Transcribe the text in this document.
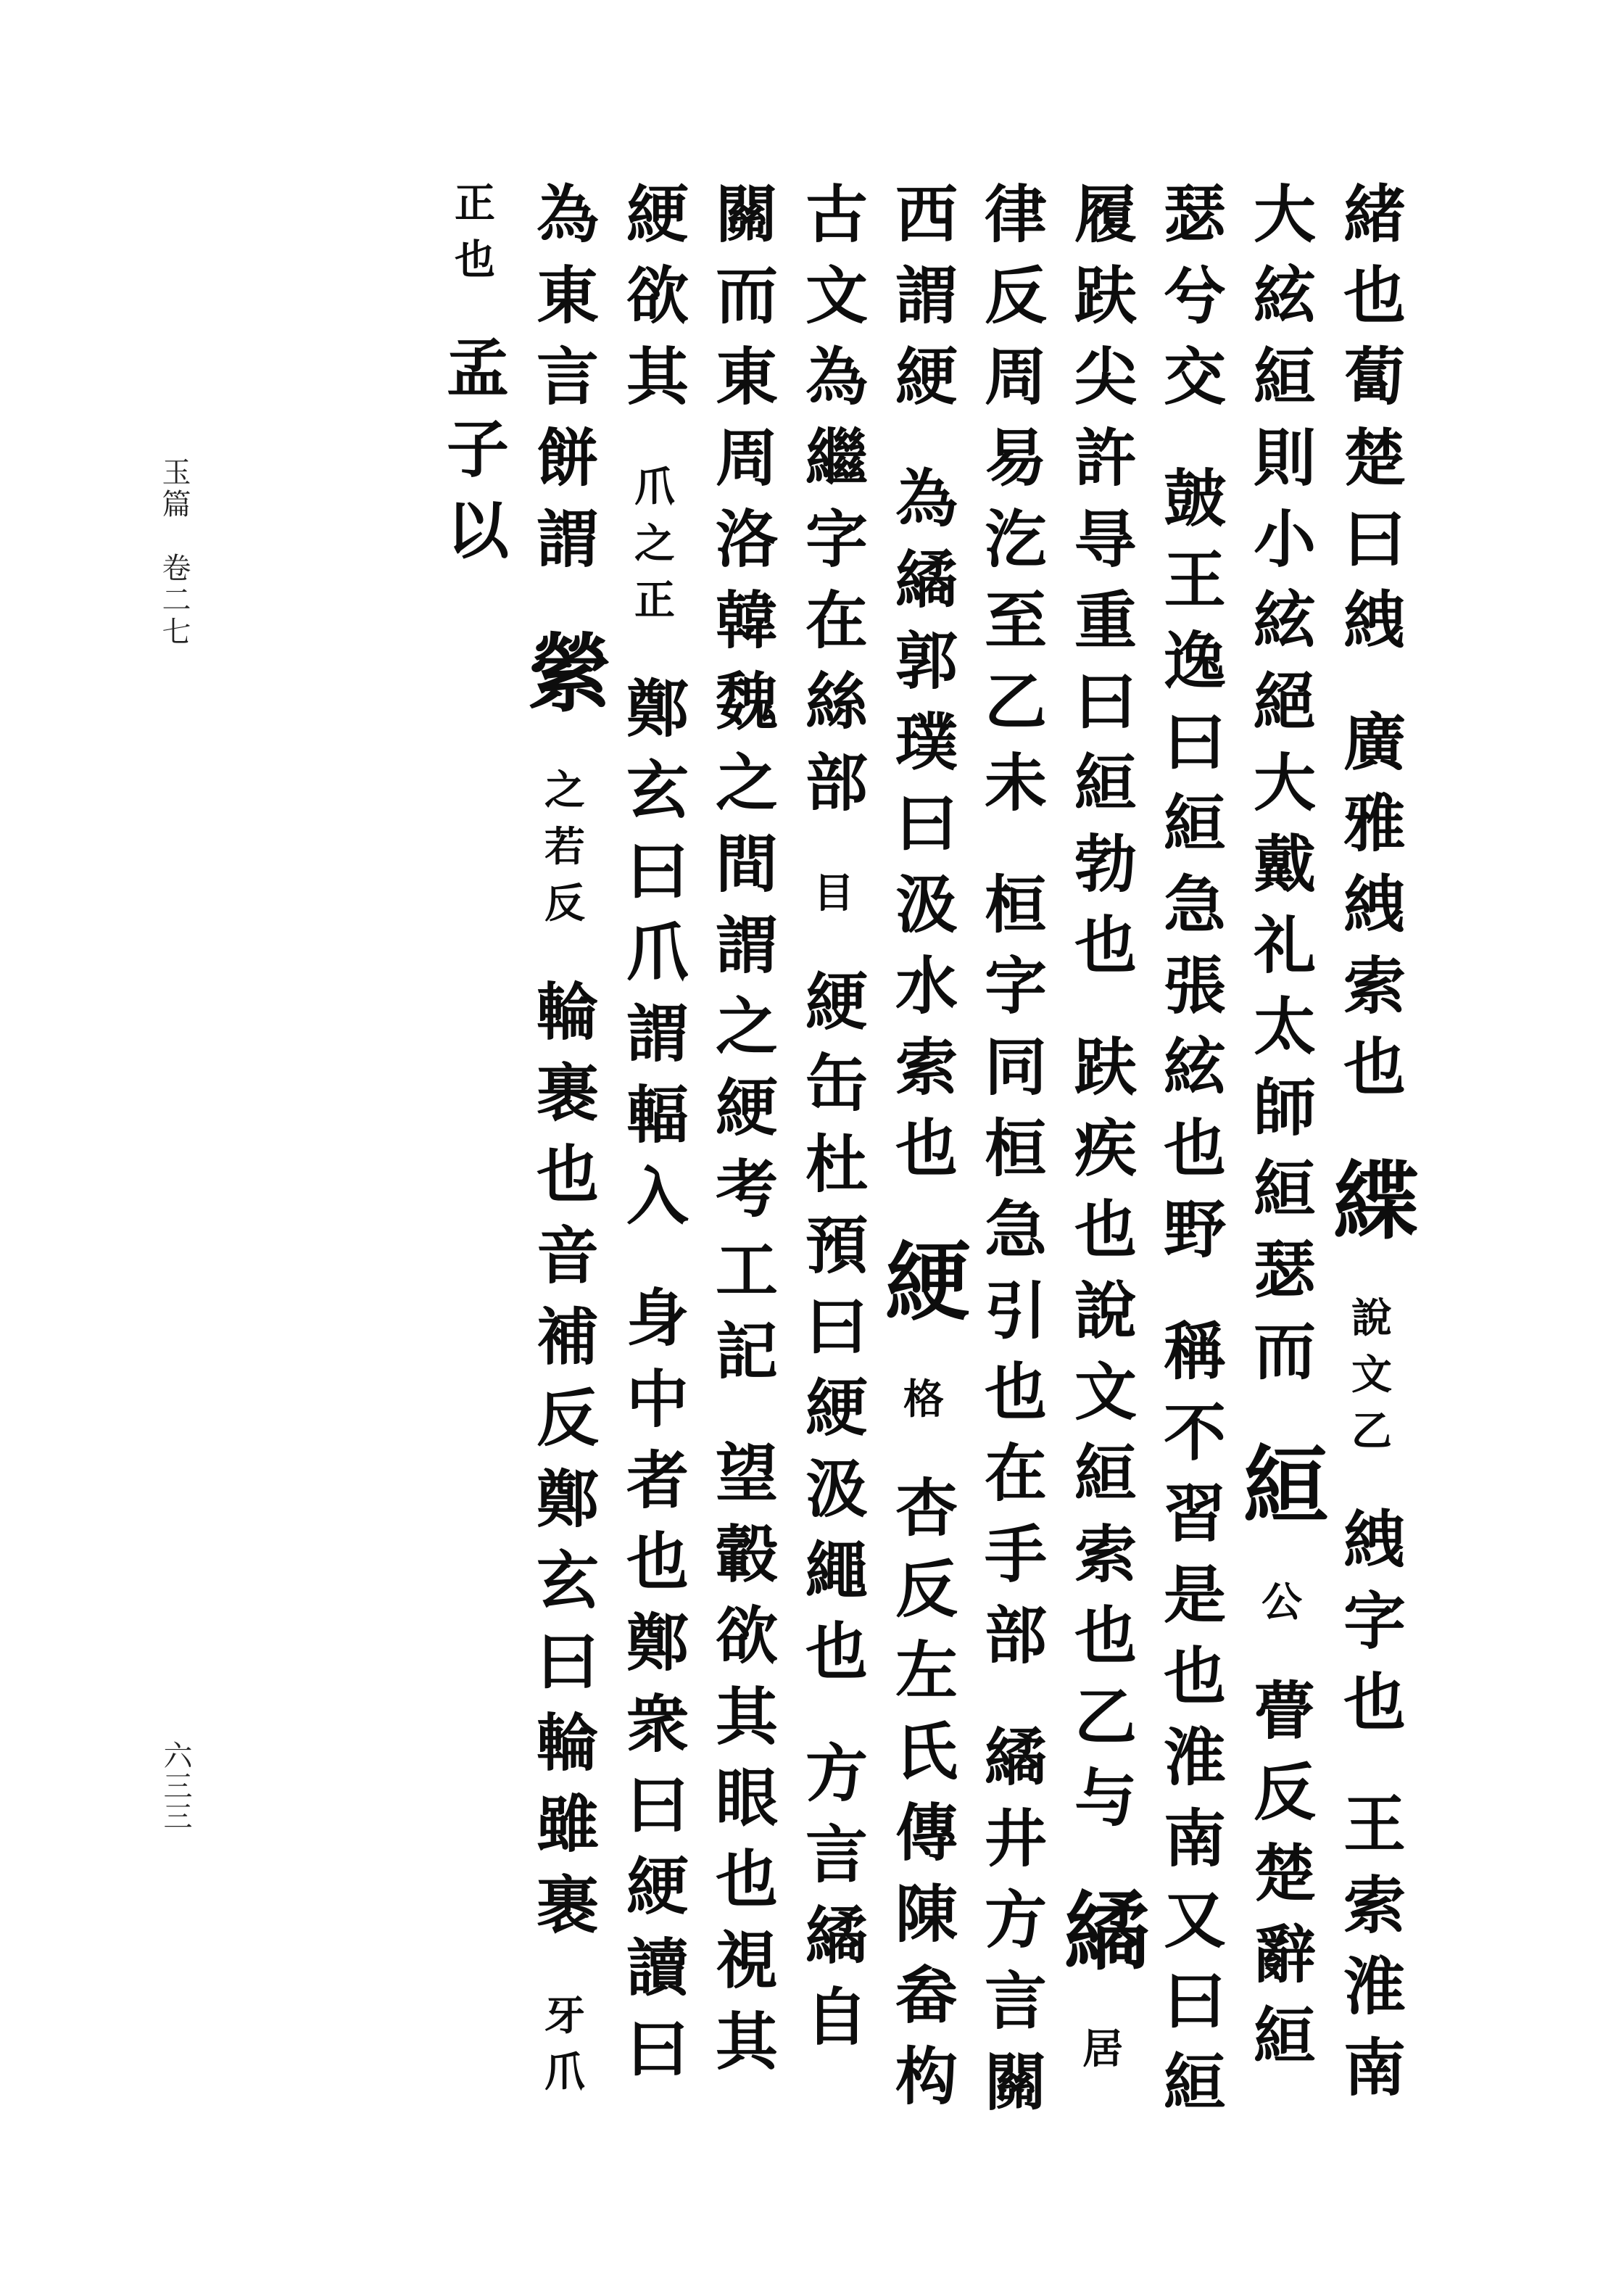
玉篇　卷二七
六三三
緒也蔔楚曰絏 廣雅絏索也 緤 說文乙 絏字也 王索淮南大絃絙則小絃絕大戴礼太師絙瑟而 絙 公 瞢反楚辭絙瑟兮交 皷王逸曰絙急張絃也野 稱不習是也淮南又曰絙履趺尖許㝵重曰絙勃也 趺疾也說文絙索也乙与 繘 居 律反周易汔至乙未 桓字同桓急引也在手部 繘井方言關西謂綆 為繘郭璞曰汲水索也 綆 格 杏反左氏傳陳畚构 古文為繼字在絲部 目 綆缶杜預曰綆汲繩也 方言繘自關而東周洛韓魏之間謂之綆考工記 望轂欲其眼也視其綆欲其 爪之正 鄭玄曰爪謂輻入 身中者也鄭衆曰綆讀曰為東言餅謂 縈 之若反 輪裹也音補反鄭玄曰輪雖裹 牙爪正也 孟子以
